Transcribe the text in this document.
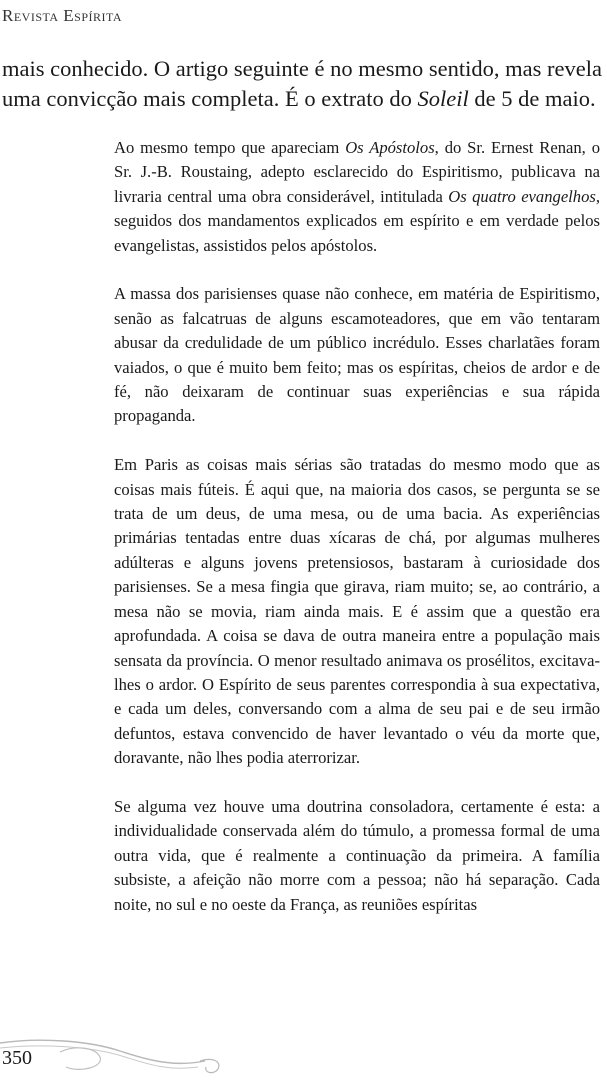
Revista Espírita

mais conhecido. O artigo seguinte é no mesmo sentido, mas revela uma convicção mais completa. É o extrato do Soleil de 5 de maio.

Ao mesmo tempo que apareciam Os Apóstolos, do Sr. Ernest Renan, o Sr. J.-B. Roustaing, adepto esclarecido do Espiritismo, publicava na livraria central uma obra considerável, intitulada Os quatro evangelhos, seguidos dos mandamentos explicados em espírito e em verdade pelos evangelistas, assistidos pelos apóstolos.

A massa dos parisienses quase não conhece, em matéria de Espiritismo, senão as falcatruas de alguns escamoteadores, que em vão tentaram abusar da credulidade de um público incrédulo. Esses charlatães foram vaiados, o que é muito bem feito; mas os espíritas, cheios de ardor e de fé, não deixaram de continuar suas experiências e sua rápida propaganda.

Em Paris as coisas mais sérias são tratadas do mesmo modo que as coisas mais fúteis. É aqui que, na maioria dos casos, se pergunta se se trata de um deus, de uma mesa, ou de uma bacia. As experiências primárias tentadas entre duas xícaras de chá, por algumas mulheres adúlteras e alguns jovens pretensiosos, bastaram à curiosidade dos parisienses. Se a mesa fingia que girava, riam muito; se, ao contrário, a mesa não se movia, riam ainda mais. E é assim que a questão era aprofundada. A coisa se dava de outra maneira entre a população mais sensata da província. O menor resultado animava os prosélitos, excitava-lhes o ardor. O Espírito de seus parentes correspondia à sua expectativa, e cada um deles, conversando com a alma de seu pai e de seu irmão defuntos, estava convencido de haver levantado o véu da morte que, doravante, não lhes podia aterrorizar.

Se alguma vez houve uma doutrina consoladora, certamente é esta: a individualidade conservada além do túmulo, a promessa formal de uma outra vida, que é realmente a continuação da primeira. A família subsiste, a afeição não morre com a pessoa; não há separação. Cada noite, no sul e no oeste da França, as reuniões espíritas

350
